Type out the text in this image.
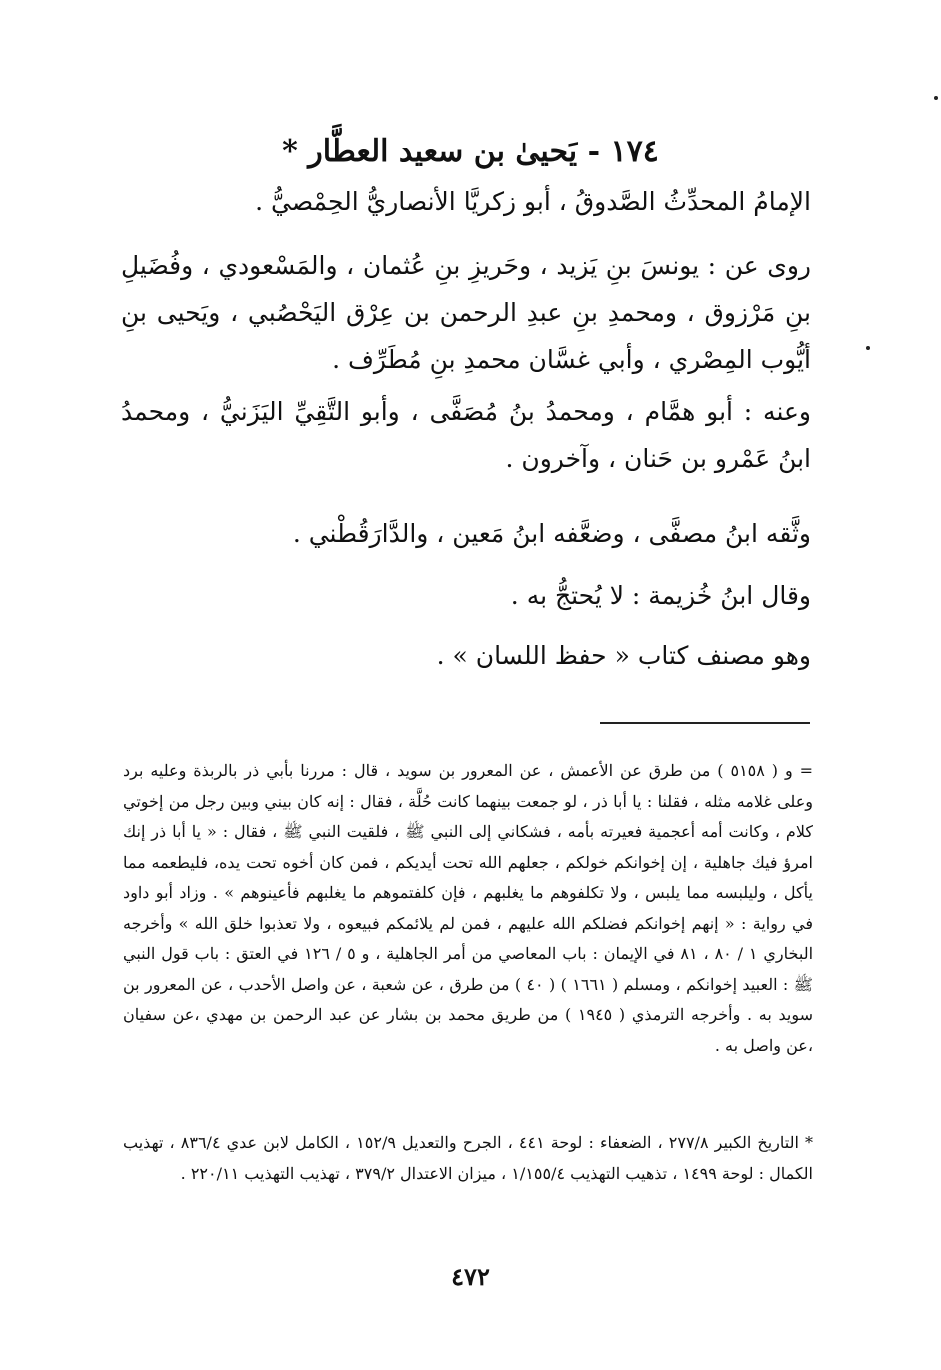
١٧٤ - يَحيىٰ بن سعيد العطَّار *

الإمامُ المحدِّثُ الصَّدوقُ ، أبو زكريَّا الأنصاريُّ الحِمْصيُّ .

روى عن : يونسَ بنِ يَزيد ، وحَريزِ بنِ عُثمان ، والمَسْعودي ، وفُضَيلِ بنِ مَرْزوق ، ومحمدِ بنِ عبدِ الرحمن بن عِرْق اليَحْصُبي ، ويَحيى بنِ أيُّوب المِصْري ، وأبي غسَّان محمدِ بنِ مُطَرِّف .

وعنه : أبو همَّام ، ومحمدُ بنُ مُصَفَّى ، وأبو التَّقِيِّ اليَزَنيُّ ، ومحمدُ ابنُ عَمْرو بن حَنان ، وآخرون .

وثَّقه ابنُ مصفَّى ، وضعَّفه ابنُ مَعين ، والدَّارَقُطْني .

وقال ابنُ خُزيمة : لا يُحتجُّ به .

وهو مصنف كتاب « حفظ اللسان » .

= و ( ٥١٥٨ ) من طرق عن الأعمش ، عن المعرور بن سويد ، قال : مررنا بأبي ذر بالربذة وعليه برد وعلى غلامه مثله ، فقلنا : يا أبا ذر ، لو جمعت بينهما كانت حُلَّة ، فقال : إنه كان بيني وبين رجل من إخوتي كلام ، وكانت أمه أعجمية فعيرته بأمه ، فشكاني إلى النبي ﷺ ، فلقيت النبي ﷺ ، فقال : « يا أبا ذر إنك امرؤ فيك جاهلية ، إن إخوانكم خولكم ، جعلهم الله تحت أيديكم ، فمن كان أخوه تحت يده، فليطعمه مما يأكل ، وليلبسه مما يلبس ، ولا تكلفوهم ما يغلبهم ، فإن كلفتموهم ما يغلبهم فأعينوهم » . وزاد أبو داود في رواية : « إنهم إخوانكم فضلكم الله عليهم ، فمن لم يلائمكم فبيعوه ، ولا تعذبوا خلق الله » وأخرجه البخاري ١ / ٨٠ ، ٨١ في الإيمان : باب المعاصي من أمر الجاهلية ، و ٥ / ١٢٦ في العتق : باب قول النبي ﷺ : العبيد إخوانكم ، ومسلم ( ١٦٦١ ) ( ٤٠ ) من طرق ، عن شعبة ، عن واصل الأحدب ، عن المعرور بن سويد به . وأخرجه الترمذي ( ١٩٤٥ ) من طريق محمد بن بشار عن عبد الرحمن بن مهدي ،عن سفيان ،عن واصل به .

* التاريخ الكبير ٢٧٧/٨ ، الضعفاء : لوحة ٤٤١ ، الجرح والتعديل ١٥٢/٩ ، الكامل لابن عدي ٨٣٦/٤ ، تهذيب الكمال : لوحة ١٤٩٩ ، تذهيب التهذيب ١/١٥٥/٤ ، ميزان الاعتدال ٣٧٩/٢ ، تهذيب التهذيب ٢٢٠/١١ .

٤٧٢
